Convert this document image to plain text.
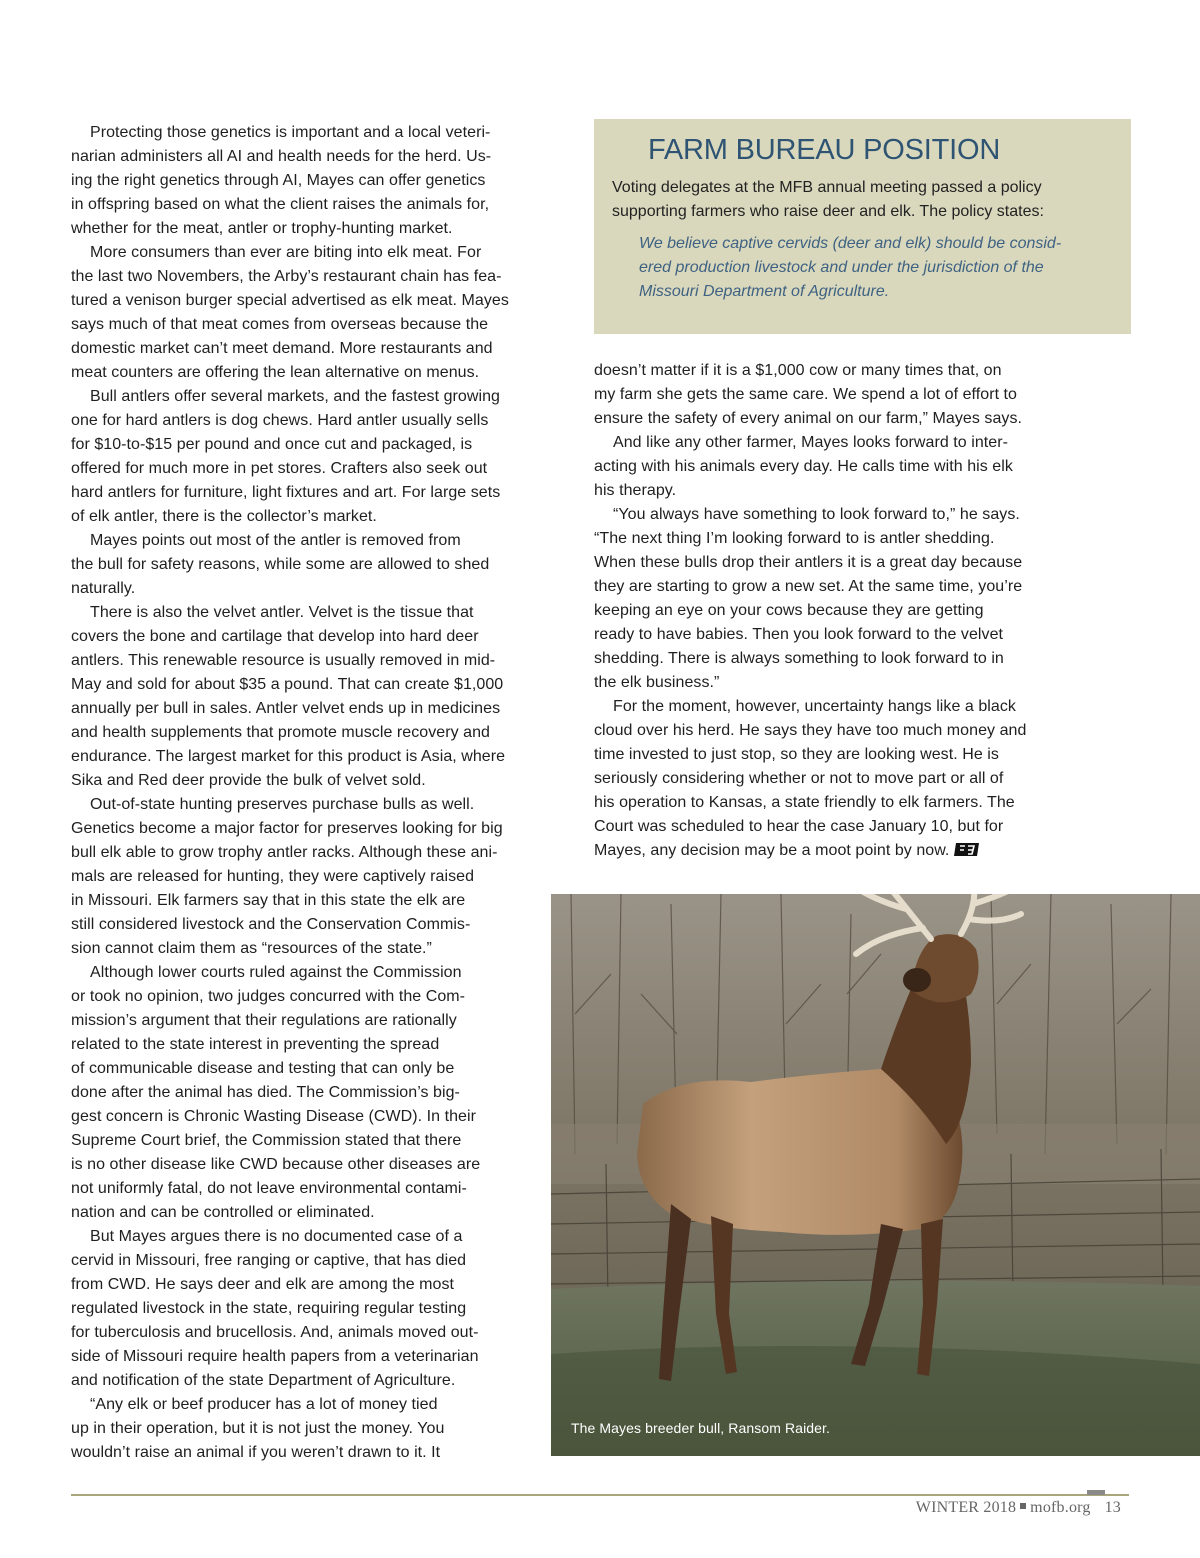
Protecting those genetics is important and a local veteri-
narian administers all AI and health needs for the herd. Us-
ing the right genetics through AI, Mayes can offer genetics
in offspring based on what the client raises the animals for,
whether for the meat, antler or trophy-hunting market.

More consumers than ever are biting into elk meat. For
the last two Novembers, the Arby’s restaurant chain has fea-
tured a venison burger special advertised as elk meat. Mayes
says much of that meat comes from overseas because the
domestic market can’t meet demand. More restaurants and
meat counters are offering the lean alternative on menus.

Bull antlers offer several markets, and the fastest growing
one for hard antlers is dog chews. Hard antler usually sells
for $10-to-$15 per pound and once cut and packaged, is
offered for much more in pet stores. Crafters also seek out
hard antlers for furniture, light fixtures and art. For large sets
of elk antler, there is the collector’s market.

Mayes points out most of the antler is removed from
the bull for safety reasons, while some are allowed to shed
naturally.

There is also the velvet antler. Velvet is the tissue that
covers the bone and cartilage that develop into hard deer
antlers. This renewable resource is usually removed in mid-
May and sold for about $35 a pound. That can create $1,000
annually per bull in sales. Antler velvet ends up in medicines
and health supplements that promote muscle recovery and
endurance. The largest market for this product is Asia, where
Sika and Red deer provide the bulk of velvet sold.

Out-of-state hunting preserves purchase bulls as well.
Genetics become a major factor for preserves looking for big
bull elk able to grow trophy antler racks. Although these ani-
mals are released for hunting, they were captively raised
in Missouri. Elk farmers say that in this state the elk are
still considered livestock and the Conservation Commis-
sion cannot claim them as “resources of the state.”

Although lower courts ruled against the Commission
or took no opinion, two judges concurred with the Com-
mission’s argument that their regulations are rationally
related to the state interest in preventing the spread
of communicable disease and testing that can only be
done after the animal has died. The Commission’s big-
gest concern is Chronic Wasting Disease (CWD). In their
Supreme Court brief, the Commission stated that there
is no other disease like CWD because other diseases are
not uniformly fatal, do not leave environmental contami-
nation and can be controlled or eliminated.

But Mayes argues there is no documented case of a
cervid in Missouri, free ranging or captive, that has died
from CWD. He says deer and elk are among the most
regulated livestock in the state, requiring regular testing
for tuberculosis and brucellosis. And, animals moved out-
side of Missouri require health papers from a veterinarian
and notification of the state Department of Agriculture.

“Any elk or beef producer has a lot of money tied
up in their operation, but it is not just the money. You
wouldn’t raise an animal if you weren’t drawn to it. It

FARM BUREAU POSITION

Voting delegates at the MFB annual meeting passed a policy
supporting farmers who raise deer and elk. The policy states:

We believe captive cervids (deer and elk) should be consid-
ered production livestock and under the jurisdiction of the
Missouri Department of Agriculture.

doesn’t matter if it is a $1,000 cow or many times that, on
my farm she gets the same care. We spend a lot of effort to
ensure the safety of every animal on our farm,” Mayes says.

And like any other farmer, Mayes looks forward to inter-
acting with his animals every day. He calls time with his elk
his therapy.

“You always have something to look forward to,” he says.
“The next thing I’m looking forward to is antler shedding.
When these bulls drop their antlers it is a great day because
they are starting to grow a new set. At the same time, you’re
keeping an eye on your cows because they are getting
ready to have babies. Then you look forward to the velvet
shedding. There is always something to look forward to in
the elk business.”

For the moment, however, uncertainty hangs like a black
cloud over his herd. He says they have too much money and
time invested to just stop, so they are looking west. He is
seriously considering whether or not to move part or all of
his operation to Kansas, a state friendly to elk farmers. The
Court was scheduled to hear the case January 10, but for
Mayes, any decision may be a moot point by now.

The Mayes breeder bull, Ransom Raider.
WINTER 2018 mofb.org 13
